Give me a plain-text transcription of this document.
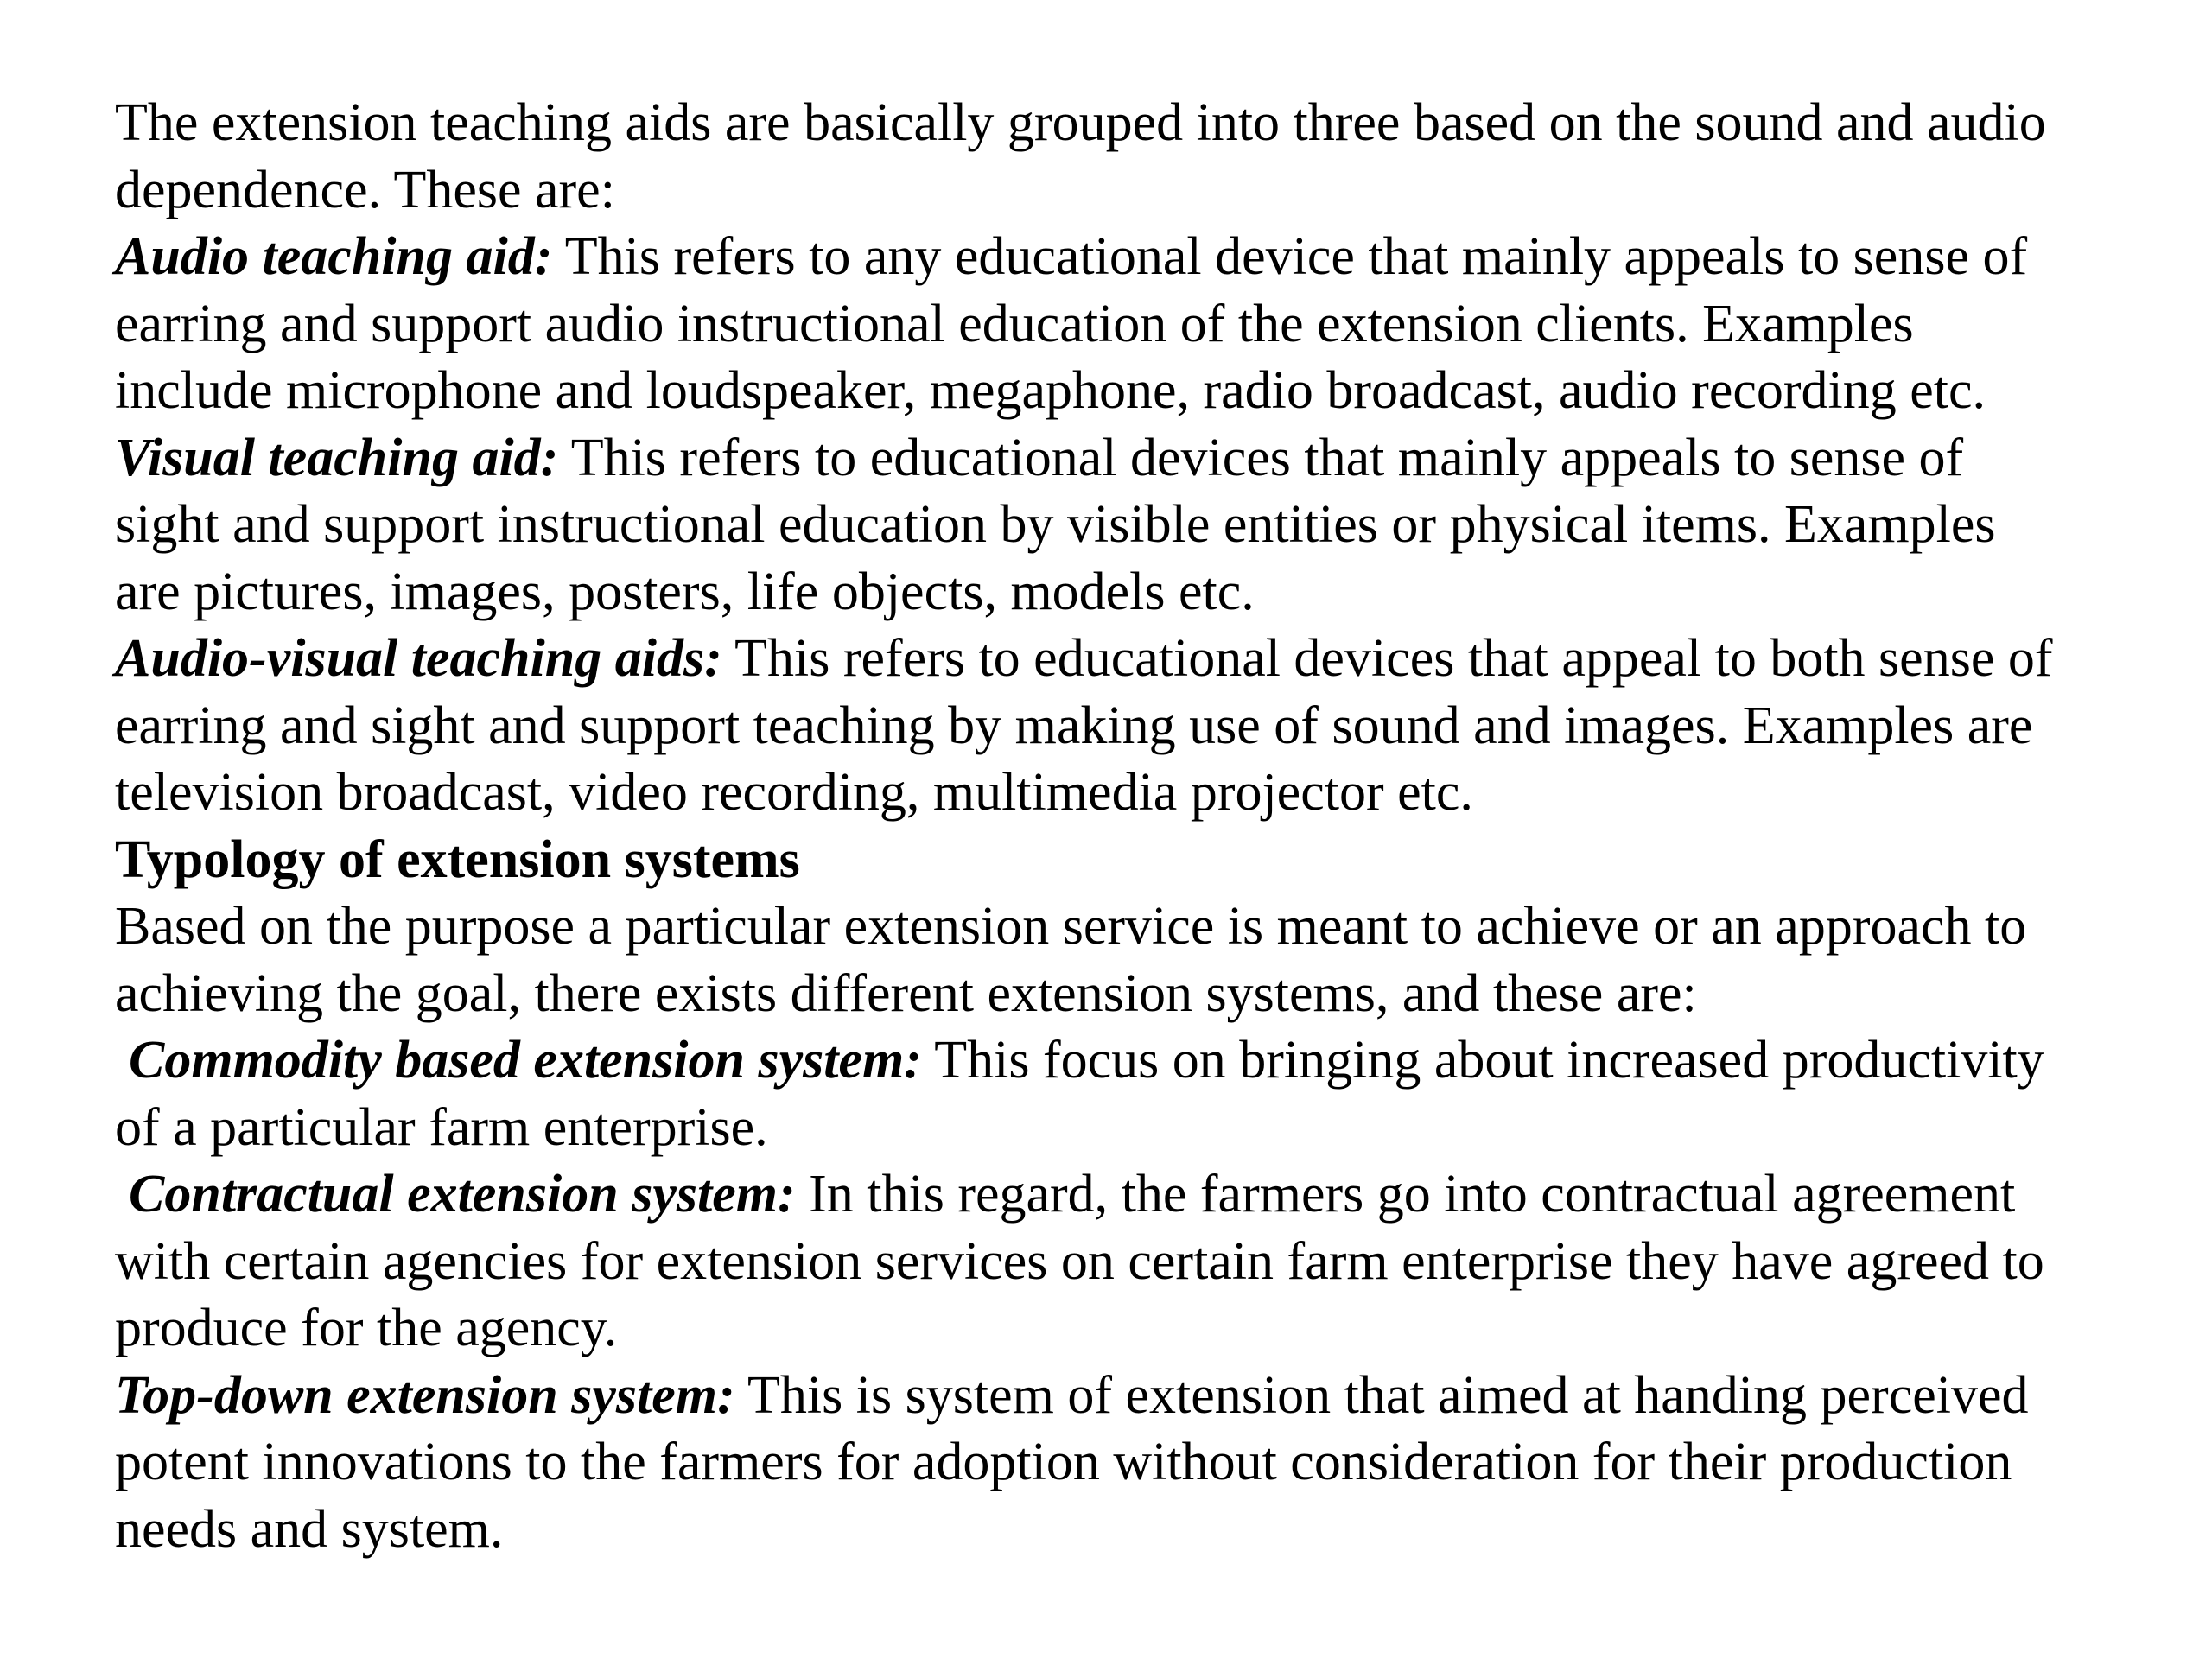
The extension teaching aids are basically grouped into three based on the sound and audio
dependence. These are:
Audio teaching aid: This refers to any educational device that mainly appeals to sense of
earring and support audio instructional education of the extension clients. Examples
include microphone and loudspeaker, megaphone, radio broadcast, audio recording etc.
Visual teaching aid: This refers to educational devices that mainly appeals to sense of
sight and support instructional education by visible entities or physical items. Examples
are pictures, images, posters, life objects, models etc.
Audio-visual teaching aids: This refers to educational devices that appeal to both sense of
earring and sight and support teaching by making use of sound and images. Examples are
television broadcast, video recording, multimedia projector etc.
Typology of extension systems
Based on the purpose a particular extension service is meant to achieve or an approach to
achieving the goal, there exists different extension systems, and these are:
Commodity based extension system: This focus on bringing about increased productivity
of a particular farm enterprise.
Contractual extension system: In this regard, the farmers go into contractual agreement
with certain agencies for extension services on certain farm enterprise they have agreed to
produce for the agency.
Top-down extension system: This is system of extension that aimed at handing perceived
potent innovations to the farmers for adoption without consideration for their production
needs and system.
